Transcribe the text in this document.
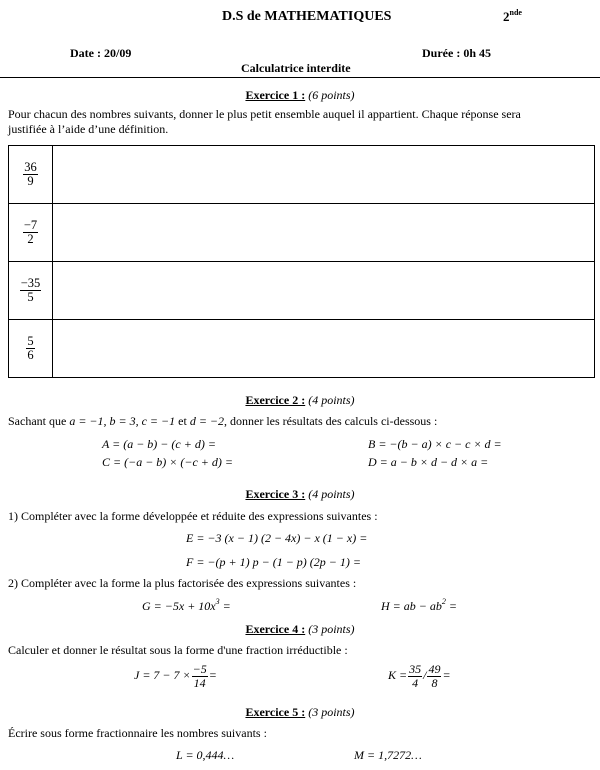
D.S de MATHEMATIQUES	2nde
Date : 20/09	Durée : 0h 45
Calculatrice interdite
Exercice 1 : (6 points)
Pour chacun des nombres suivants, donner le plus petit ensemble auquel il appartient. Chaque réponse sera
justifiée à l’aide d’une définition.
$\frac{36}{9}$

$\frac{-7}{2}$

$\frac{-35}{5}$

$\frac{5}{6}$

Exercice 2 : (4 points)
Sachant que a = −1, b = 3, c = −1 et d = −2, donner les résultats des calculs ci-dessous :
A = (a − b) − (c + d) =	B = −(b − a) × c − c × d =
C = (−a − b) × (−c + d) =	D = a − b × d − d × a =
Exercice 3 : (4 points)
1) Compléter avec la forme développée et réduite des expressions suivantes :
E = −3 (x − 1) (2 − 4x) − x (1 − x) =
F = −(p + 1) p − (1 − p) (2p − 1) =
2) Compléter avec la forme la plus factorisée des expressions suivantes :
$G = -5x + 10x^3$ =	H = ab − $ab^2$ =
Exercice 4 : (3 points)
Calculer et donner le résultat sous la forme d'une fraction irréductible :
$J = 7 - 7 \times \frac{-5}{14}$ =	$K = \frac{35}{4} / \frac{49}{8}$ =
Exercice 5 : (3 points)
Écrire sous forme fractionnaire les nombres suivants :
L = 0,444…	M = 1,7272…
